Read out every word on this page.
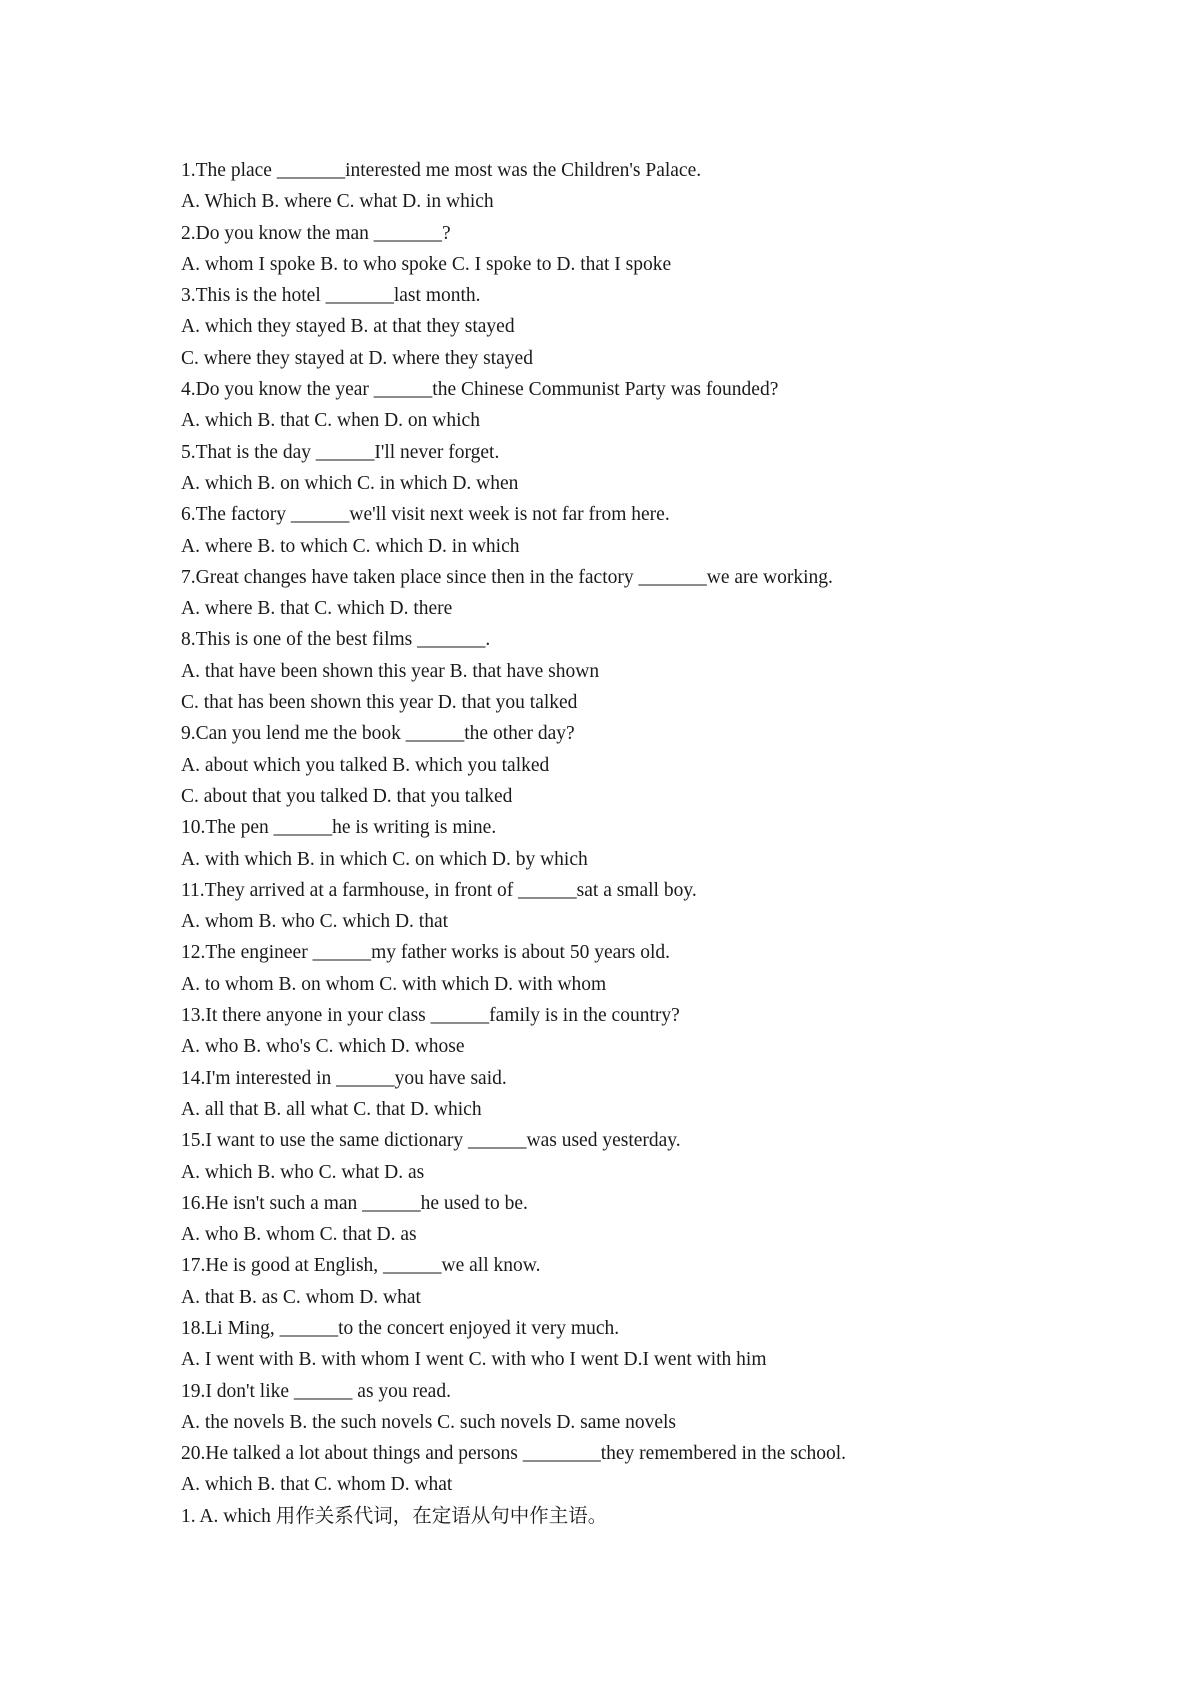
1.The place _______interested me most was the Children's Palace.
A. Which B. where C. what D. in which
2.Do you know the man _______?
A. whom I spoke B. to who spoke C. I spoke to D. that I spoke
3.This is the hotel _______last month.
A. which they stayed B. at that they stayed
C. where they stayed at D. where they stayed
4.Do you know the year ______the Chinese Communist Party was founded?
A. which B. that C. when D. on which
5.That is the day ______I'll never forget.
A. which B. on which C. in which D. when
6.The factory ______we'll visit next week is not far from here.
A. where B. to which C. which D. in which
7.Great changes have taken place since then in the factory _______we are working.
A. where B. that C. which D. there
8.This is one of the best films _______.
A. that have been shown this year B. that have shown
C. that has been shown this year D. that you talked
9.Can you lend me the book ______the other day?
A. about which you talked B. which you talked
C. about that you talked D. that you talked
10.The pen ______he is writing is mine.
A. with which B. in which C. on which D. by which
11.They arrived at a farmhouse, in front of ______sat a small boy.
A. whom B. who C. which D. that
12.The engineer ______my father works is about 50 years old.
A. to whom B. on whom C. with which D. with whom
13.It there anyone in your class ______family is in the country?
A. who B. who's C. which D. whose
14.I'm interested in ______you have said.
A. all that B. all what C. that D. which
15.I want to use the same dictionary ______was used yesterday.
A. which B. who C. what D. as
16.He isn't such a man ______he used to be.
A. who B. whom C. that D. as
17.He is good at English, ______we all know.
A. that B. as C. whom D. what
18.Li Ming, ______to the concert enjoyed it very much.
A. I went with B. with whom I went C. with who I went D.I went with him
19.I don't like ______ as you read.
A. the novels B. the such novels C. such novels D. same novels
20.He talked a lot about things and persons ________they remembered in the school.
A. which B. that C. whom D. what
1. A. which 用作关系代词，在定语从句中作主语。
